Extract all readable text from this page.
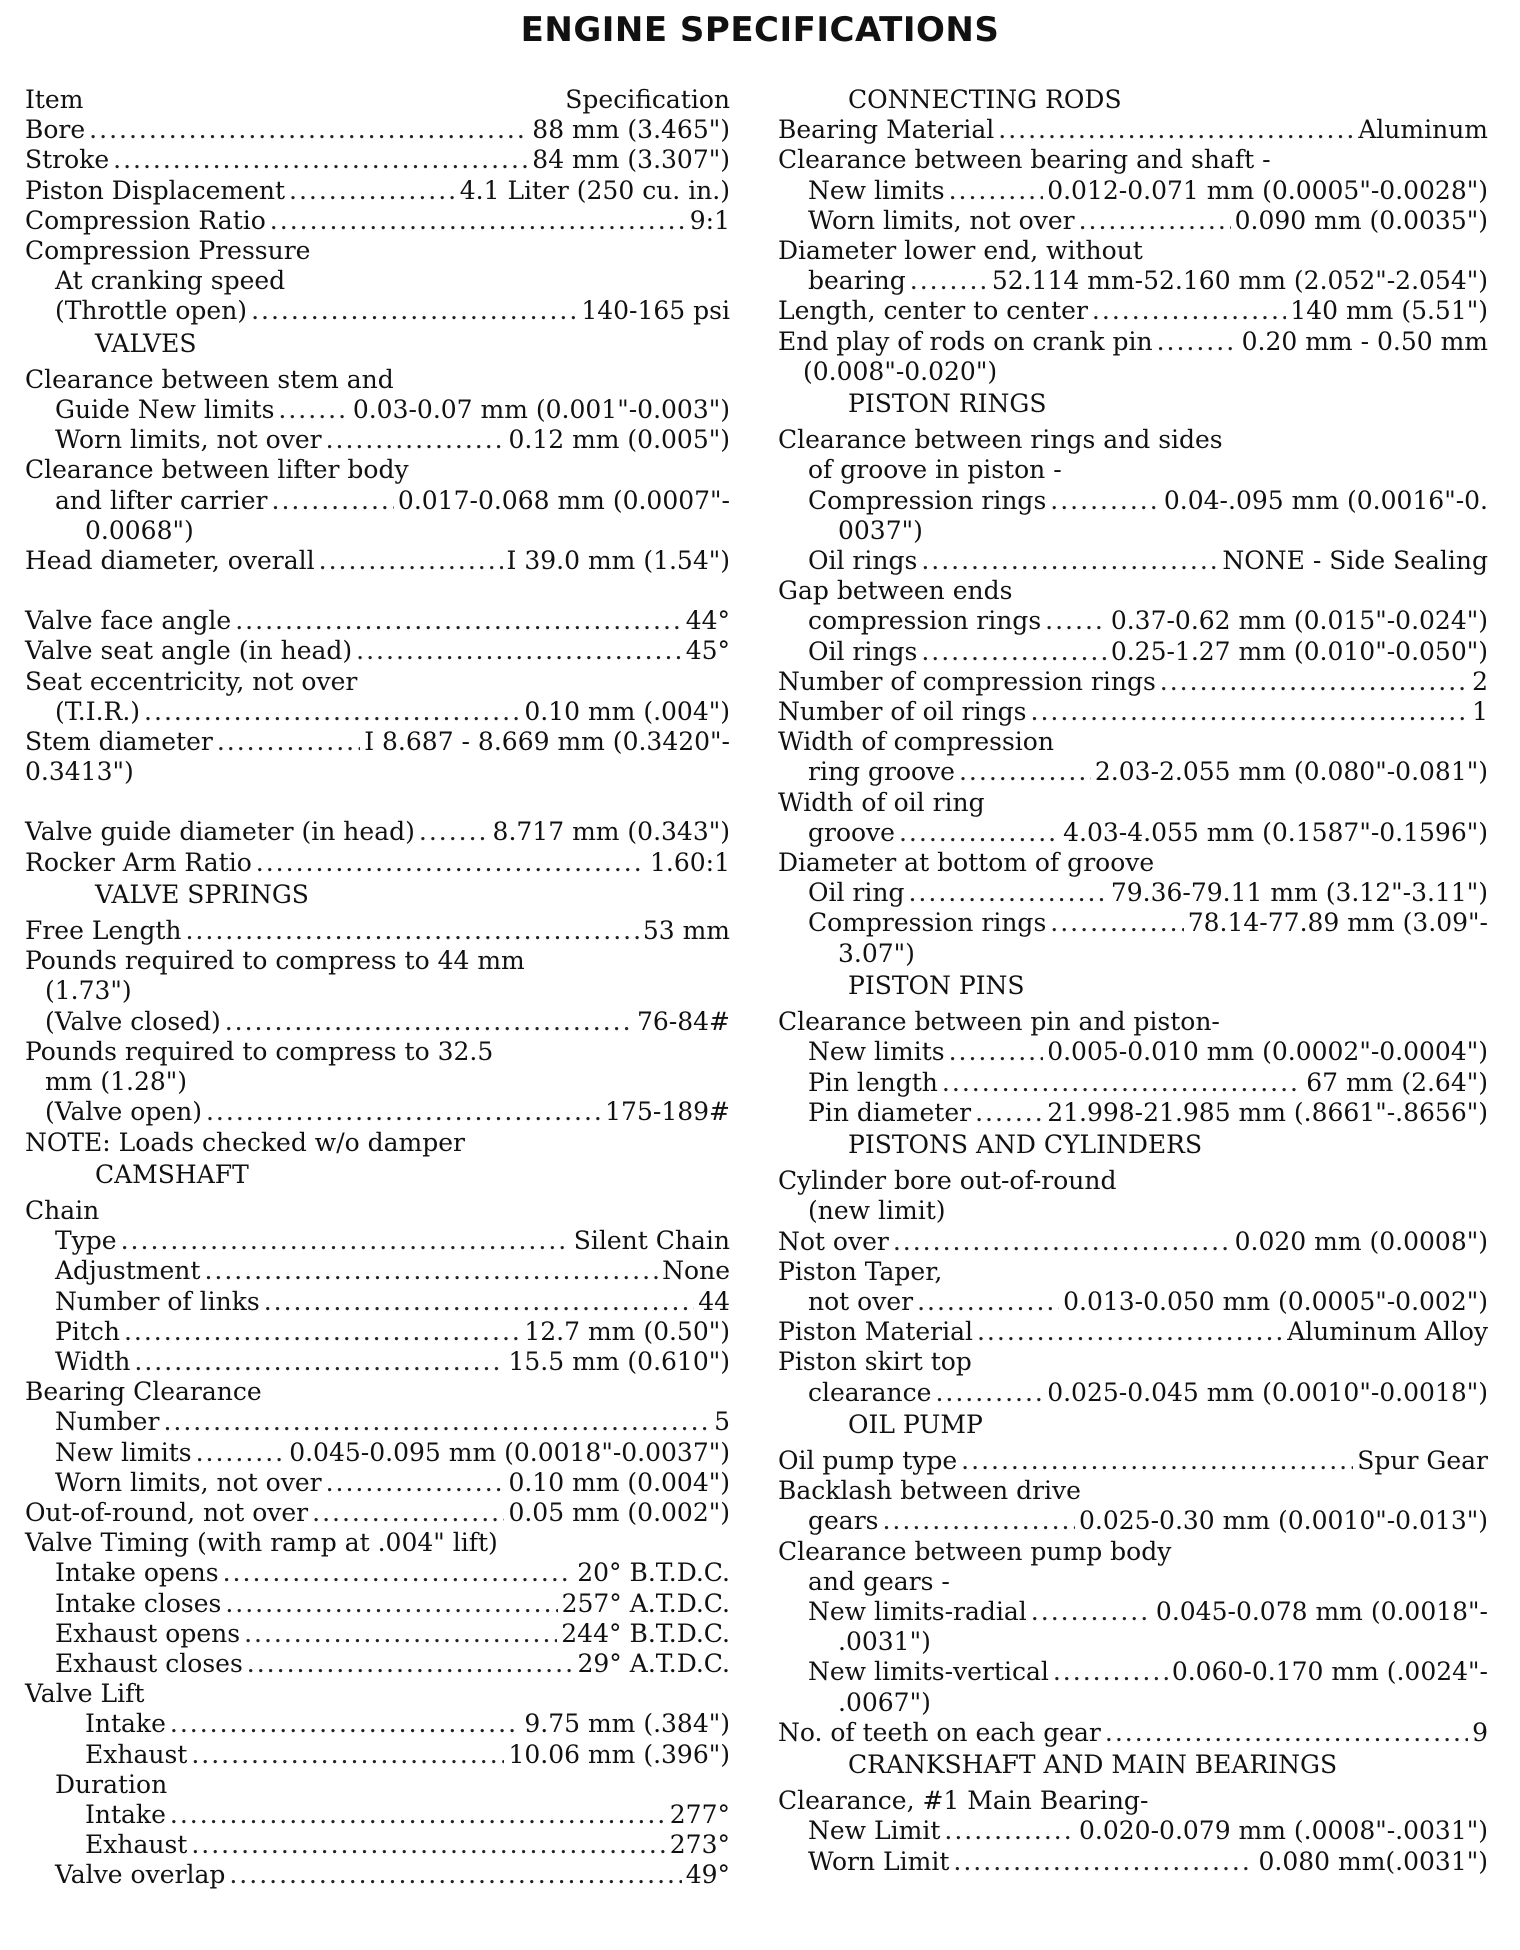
ENGINE SPECIFICATIONS
Item	Specification
Bore .....	88 mm (3.465")
Stroke .....	84 mm (3.307")
Piston Displacement .....	4.1 Liter (250 cu. in.)
Compression Ratio .....	9:1
Compression Pressure
At cranking speed
(Throttle open) .....	140-165 psi
VALVES
Clearance between stem and
Guide New limits .....	0.03-0.07 mm (0.001"-0.003")
Worn limits, not over .....	0.12 mm (0.005")
Clearance between lifter body
and lifter carrier .....	0.017-0.068 mm (0.0007"-
0.0068")
Head diameter, overall .....	I 39.0 mm (1.54")
Valve face angle .....	44°
Valve seat angle (in head) .....	45°
Seat eccentricity, not over
(T.I.R.) .....	0.10 mm (.004")
Stem diameter .....	I 8.687 - 8.669 mm (0.3420"-
0.3413")
Valve guide diameter (in head) .....	8.717 mm (0.343")
Rocker Arm Ratio .....	1.60:1
VALVE SPRINGS
Free Length .....	53 mm
Pounds required to compress to 44 mm
(1.73")
(Valve closed) .....	76-84#
Pounds required to compress to 32.5
mm (1.28")
(Valve open) .....	175-189#
NOTE: Loads checked w/o damper
CAMSHAFT
Chain
Type .....	Silent Chain
Adjustment .....	None
Number of links .....	44
Pitch .....	12.7 mm (0.50")
Width .....	15.5 mm (0.610")
Bearing Clearance
Number .....	5
New limits .....	0.045-0.095 mm (0.0018"-0.0037")
Worn limits, not over .....	0.10 mm (0.004")
Out-of-round, not over .....	0.05 mm (0.002")
Valve Timing (with ramp at .004" lift)
Intake opens .....	20° B.T.D.C.
Intake closes .....	257° A.T.D.C.
Exhaust opens .....	244° B.T.D.C.
Exhaust closes .....	29° A.T.D.C.
Valve Lift
Intake .....	9.75 mm (.384")
Exhaust .....	10.06 mm (.396")
Duration
Intake .....	277°
Exhaust .....	273°
Valve overlap .....	49°
CONNECTING RODS
Bearing Material .....	Aluminum
Clearance between bearing and shaft -
New limits .....	0.012-0.071 mm (0.0005"-0.0028")
Worn limits, not over .....	0.090 mm (0.0035")
Diameter lower end, without
bearing .....	52.114 mm-52.160 mm (2.052"-2.054")
Length, center to center .....	140 mm (5.51")
End play of rods on crank pin .....	0.20 mm - 0.50 mm
(0.008"-0.020")
PISTON RINGS
Clearance between rings and sides
of groove in piston -
Compression rings .....	0.04-.095 mm (0.0016"-0.
0037")
Oil rings .....	NONE - Side Sealing
Gap between ends
compression rings .....	0.37-0.62 mm (0.015"-0.024")
Oil rings .....	0.25-1.27 mm (0.010"-0.050")
Number of compression rings .....	2
Number of oil rings .....	1
Width of compression
ring groove .....	2.03-2.055 mm (0.080"-0.081")
Width of oil ring
groove .....	4.03-4.055 mm (0.1587"-0.1596")
Diameter at bottom of groove
Oil ring .....	79.36-79.11 mm (3.12"-3.11")
Compression rings .....	78.14-77.89 mm (3.09"-
3.07")
PISTON PINS
Clearance between pin and piston-
New limits .....	0.005-0.010 mm (0.0002"-0.0004")
Pin length .....	67 mm (2.64")
Pin diameter .....	21.998-21.985 mm (.8661"-.8656")
PISTONS AND CYLINDERS
Cylinder bore out-of-round
(new limit)
Not over .....	0.020 mm (0.0008")
Piston Taper,
not over .....	0.013-0.050 mm (0.0005"-0.002")
Piston Material .....	Aluminum Alloy
Piston skirt top
clearance .....	0.025-0.045 mm (0.0010"-0.0018")
OIL PUMP
Oil pump type .....	Spur Gear
Backlash between drive
gears .....	0.025-0.30 mm (0.0010"-0.013")
Clearance between pump body
and gears -
New limits-radial .....	0.045-0.078 mm (0.0018"-
.0031")
New limits-vertical .....	0.060-0.170 mm (.0024"-
.0067")
No. of teeth on each gear .....	9
CRANKSHAFT AND MAIN BEARINGS
Clearance, #1 Main Bearing-
New Limit .....	0.020-0.079 mm (.0008"-.0031")
Worn Limit .....	0.080 mm(.0031")
